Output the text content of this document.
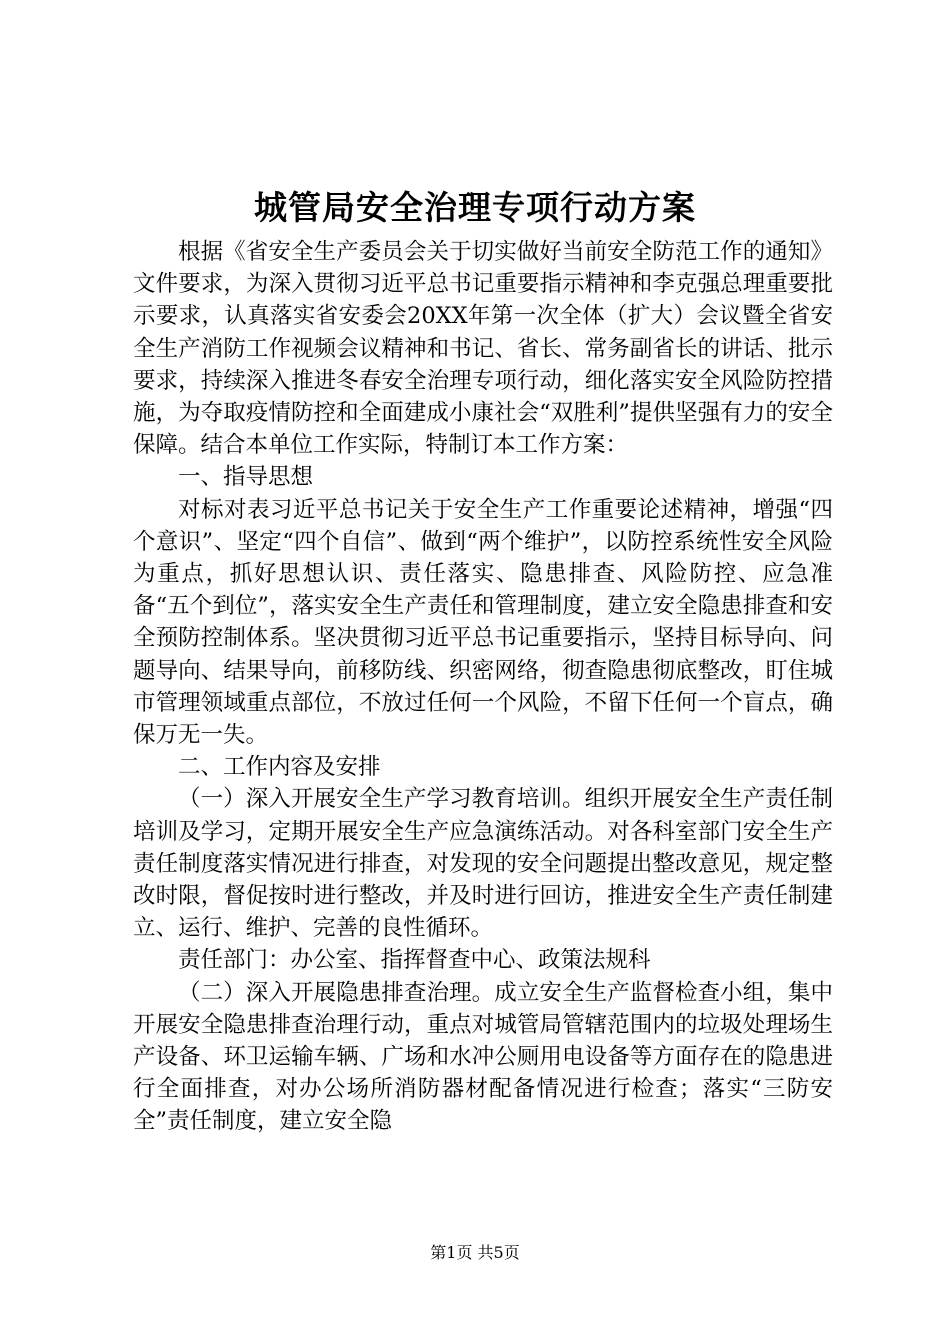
城管局安全治理专项行动方案

根据《省安全生产委员会关于切实做好当前安全防范工作的通知》文件要求，为深入贯彻习近平总书记重要指示精神和李克强总理重要批示要求，认真落实省安委会20XX年第一次全体（扩大）会议暨全省安全生产消防工作视频会议精神和书记、省长、常务副省长的讲话、批示要求，持续深入推进冬春安全治理专项行动，细化落实安全风险防控措施，为夺取疫情防控和全面建成小康社会“双胜利”提供坚强有力的安全保障。结合本单位工作实际，特制订本工作方案：

一、指导思想

对标对表习近平总书记关于安全生产工作重要论述精神，增强“四个意识”、坚定“四个自信”、做到“两个维护”，以防控系统性安全风险为重点，抓好思想认识、责任落实、隐患排查、风险防控、应急准备“五个到位”，落实安全生产责任和管理制度，建立安全隐患排查和安全预防控制体系。坚决贯彻习近平总书记重要指示，坚持目标导向、问题导向、结果导向，前移防线、织密网络，彻查隐患彻底整改，盯住城市管理领域重点部位，不放过任何一个风险，不留下任何一个盲点，确保万无一失。

二、工作内容及安排

（一）深入开展安全生产学习教育培训。组织开展安全生产责任制培训及学习，定期开展安全生产应急演练活动。对各科室部门安全生产责任制度落实情况进行排查，对发现的安全问题提出整改意见，规定整改时限，督促按时进行整改，并及时进行回访，推进安全生产责任制建立、运行、维护、完善的良性循环。

责任部门：办公室、指挥督查中心、政策法规科

（二）深入开展隐患排查治理。成立安全生产监督检查小组，集中开展安全隐患排查治理行动，重点对城管局管辖范围内的垃圾处理场生产设备、环卫运输车辆、广场和水冲公厕用电设备等方面存在的隐患进行全面排查，对办公场所消防器材配备情况进行检查；落实“三防安全”责任制度，建立安全隐

第1页 共5页
